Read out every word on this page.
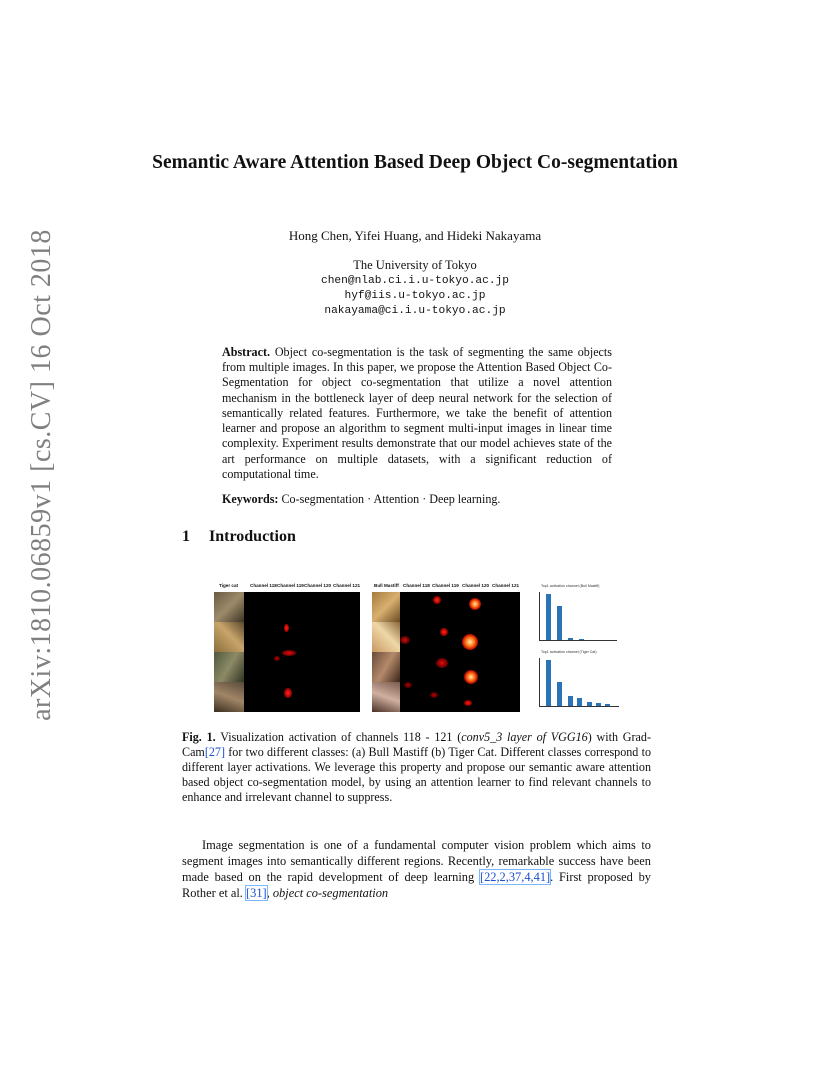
arXiv:1810.06859v1 [cs.CV] 16 Oct 2018
Semantic Aware Attention Based Deep Object Co-segmentation
Hong Chen, Yifei Huang, and Hideki Nakayama
The University of Tokyo
chen@nlab.ci.i.u-tokyo.ac.jp
hyf@iis.u-tokyo.ac.jp
nakayama@ci.i.u-tokyo.ac.jp
Abstract. Object co-segmentation is the task of segmenting the same objects from multiple images. In this paper, we propose the Attention Based Object Co-Segmentation for object co-segmentation that utilize a novel attention mechanism in the bottleneck layer of deep neural network for the selection of semantically related features. Furthermore, we take the benefit of attention learner and propose an algorithm to segment multi-input images in linear time complexity. Experiment results demonstrate that our model achieves state of the art performance on multiple datasets, with a significant reduction of computational time.
Keywords: Co-segmentation · Attention · Deep learning.
1 Introduction
Tiger cat	Channel 118 Channel 119 Channel 120 Channel 121	Bull Mastiff Channel 118 Channel 119 Channel 120 Channel 121	Top1 activation channel (Bull Mastiff)
Top1 activation channel (Tiger Cat)
Fig. 1. Visualization activation of channels 118 - 121 (conv5_3 layer of VGG16) with Grad-Cam[27] for two different classes: (a) Bull Mastiff (b) Tiger Cat. Different classes correspond to different layer activations. We leverage this property and propose our semantic aware attention based object co-segmentation model, by using an attention learner to find relevant channels to enhance and irrelevant channel to suppress.
Image segmentation is one of a fundamental computer vision problem which aims to segment images into semantically different regions. Recently, remarkable success have been made based on the rapid development of deep learning [22,2,37,4,41]. First proposed by Rother et al. [31], object co-segmentation
